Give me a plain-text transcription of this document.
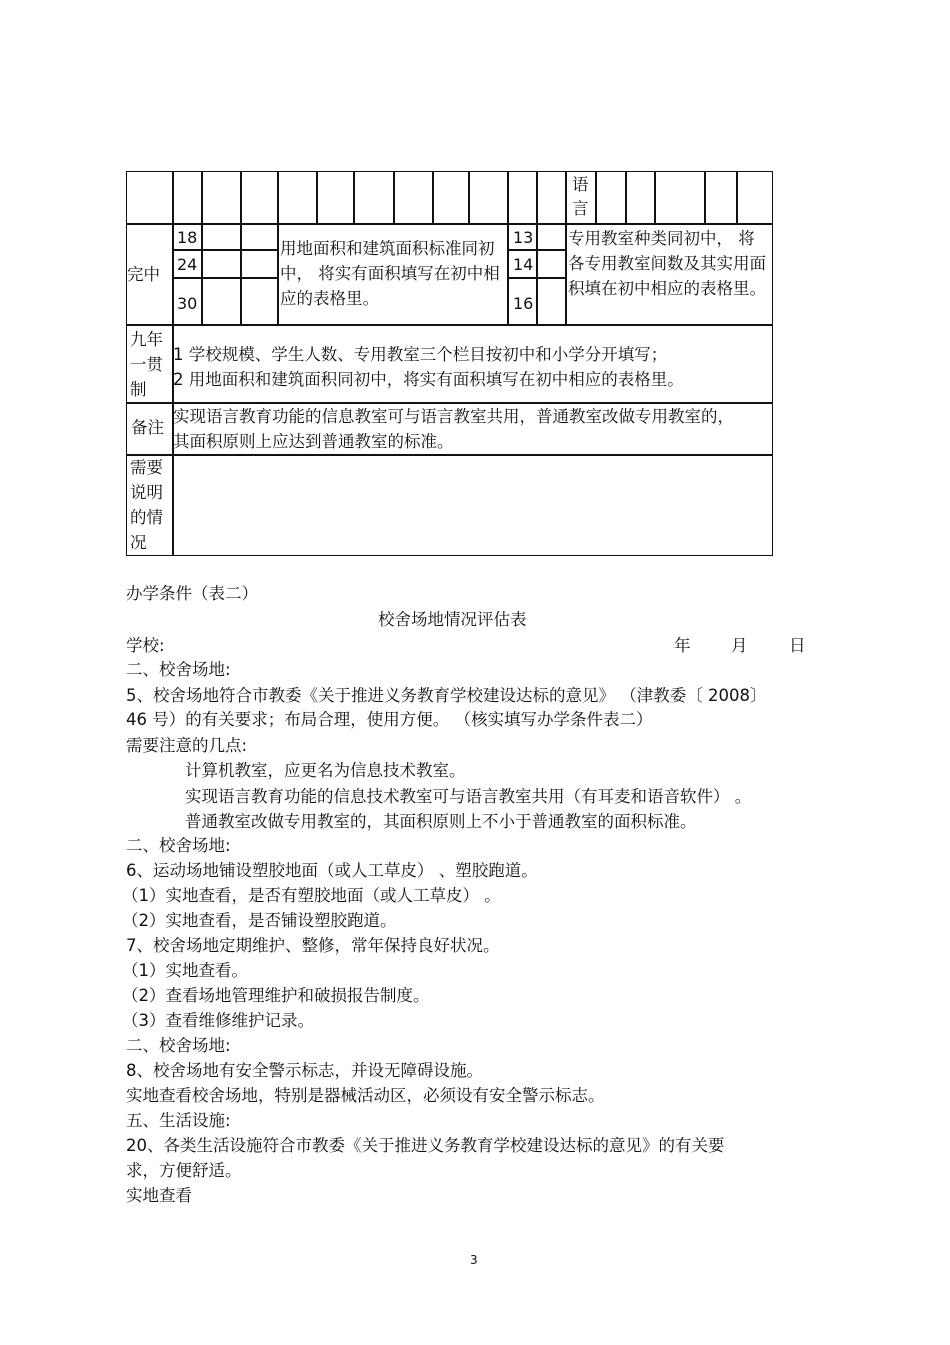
语
言
完中
18
24
30
用地面积和建筑面积标准同初中， 将实有面积填写在初中相应的表格里。
13
14
16
专用教室种类同初中， 将各专用教室间数及其实用面积填在初中相应的表格里。
九年
一贯
制
1 学校规模、学生人数、专用教室三个栏目按初中和小学分开填写；
2 用地面积和建筑面积同初中，将实有面积填写在初中相应的表格里。
备注
实现语言教育功能的信息教室可与语言教室共用，普通教室改做专用教室的，其面积原则上应达到普通教室的标准。
需要
说明
的情
况
办学条件（表二）
校舍场地情况评估表
学校:	年 月	日
二、校舍场地:
5、校舍场地符合市教委《关于推进义务教育学校建设达标的意见》 （津教委〔 2008〕
46 号）的有关要求；布局合理，使用方便。 （核实填写办学条件表二）
需要注意的几点:
计算机教室，应更名为信息技术教室。
实现语言教育功能的信息技术教室可与语言教室共用（有耳麦和语音软件） 。
普通教室改做专用教室的，其面积原则上不小于普通教室的面积标准。
二、校舍场地:
6、运动场地铺设塑胶地面（或人工草皮） 、塑胶跑道。
（1）实地查看，是否有塑胶地面（或人工草皮） 。
（2）实地查看，是否铺设塑胶跑道。
7、校舍场地定期维护、整修，常年保持良好状况。
（1）实地查看。
（2）查看场地管理维护和破损报告制度。
（3）查看维修维护记录。
二、校舍场地:
8、校舍场地有安全警示标志，并设无障碍设施。
实地查看校舍场地，特别是器械活动区，必须设有安全警示标志。
五、生活设施:
20、各类生活设施符合市教委《关于推进义务教育学校建设达标的意见》的有关要
求，方便舒适。
实地查看
3
